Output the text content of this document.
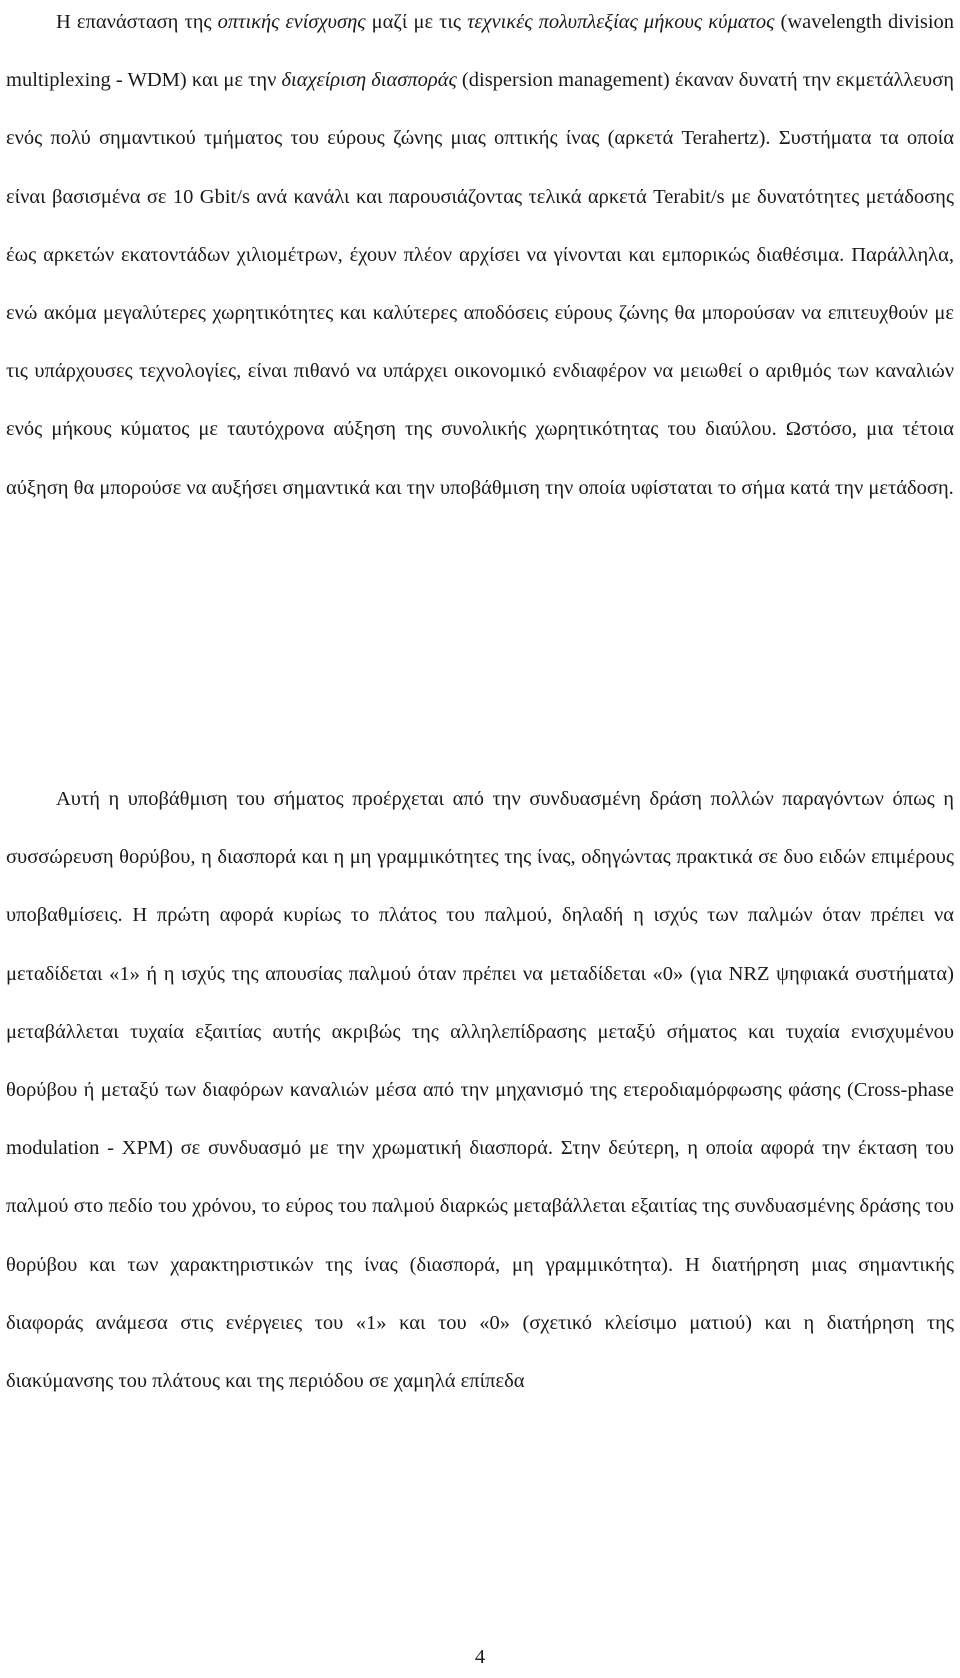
Η επανάσταση της οπτικής ενίσχυσης μαζί με τις τεχνικές πολυπλεξίας μήκους κύματος (wavelength division multiplexing - WDM) και με την διαχείριση διασποράς (dispersion management) έκαναν δυνατή την εκμετάλλευση ενός πολύ σημαντικού τμήματος του εύρους ζώνης μιας οπτικής ίνας (αρκετά Terahertz). Συστήματα τα οποία είναι βασισμένα σε 10 Gbit/s ανά κανάλι και παρουσιάζοντας τελικά αρκετά Terabit/s με δυνατότητες μετάδοσης έως αρκετών εκατοντάδων χιλιομέτρων, έχουν πλέον αρχίσει να γίνονται και εμπορικώς διαθέσιμα. Παράλληλα, ενώ ακόμα μεγαλύτερες χωρητικότητες και καλύτερες αποδόσεις εύρους ζώνης θα μπορούσαν να επιτευχθούν με τις υπάρχουσες τεχνολογίες, είναι πιθανό να υπάρχει οικονομικό ενδιαφέρον να μειωθεί ο αριθμός των καναλιών ενός μήκους κύματος με ταυτόχρονα αύξηση της συνολικής χωρητικότητας του διαύλου. Ωστόσο, μια τέτοια αύξηση θα μπορούσε να αυξήσει σημαντικά και την υποβάθμιση την οποία υφίσταται το σήμα κατά την μετάδοση.

Αυτή η υποβάθμιση του σήματος προέρχεται από την συνδυασμένη δράση πολλών παραγόντων όπως η συσσώρευση θορύβου, η διασπορά και η μη γραμμικότητες της ίνας, οδηγώντας πρακτικά σε δυο ειδών επιμέρους υποβαθμίσεις. Η πρώτη αφορά κυρίως το πλάτος του παλμού, δηλαδή η ισχύς των παλμών όταν πρέπει να μεταδίδεται «1» ή η ισχύς της απουσίας παλμού όταν πρέπει να μεταδίδεται «0» (για NRZ ψηφιακά συστήματα) μεταβάλλεται τυχαία εξαιτίας αυτής ακριβώς της αλληλεπίδρασης μεταξύ σήματος και τυχαία ενισχυμένου θορύβου ή μεταξύ των διαφόρων καναλιών μέσα από την μηχανισμό της ετεροδιαμόρφωσης φάσης (Cross-phase modulation - XPM) σε συνδυασμό με την χρωματική διασπορά. Στην δεύτερη, η οποία αφορά την έκταση του παλμού στο πεδίο του χρόνου, το εύρος του παλμού διαρκώς μεταβάλλεται εξαιτίας της συνδυασμένης δράσης του θορύβου και των χαρακτηριστικών της ίνας (διασπορά, μη γραμμικότητα). Η διατήρηση μιας σημαντικής διαφοράς ανάμεσα στις ενέργειες του «1» και του «0» (σχετικό κλείσιμο ματιού) και η διατήρηση της διακύμανσης του πλάτους και της περιόδου σε χαμηλά επίπεδα

4
